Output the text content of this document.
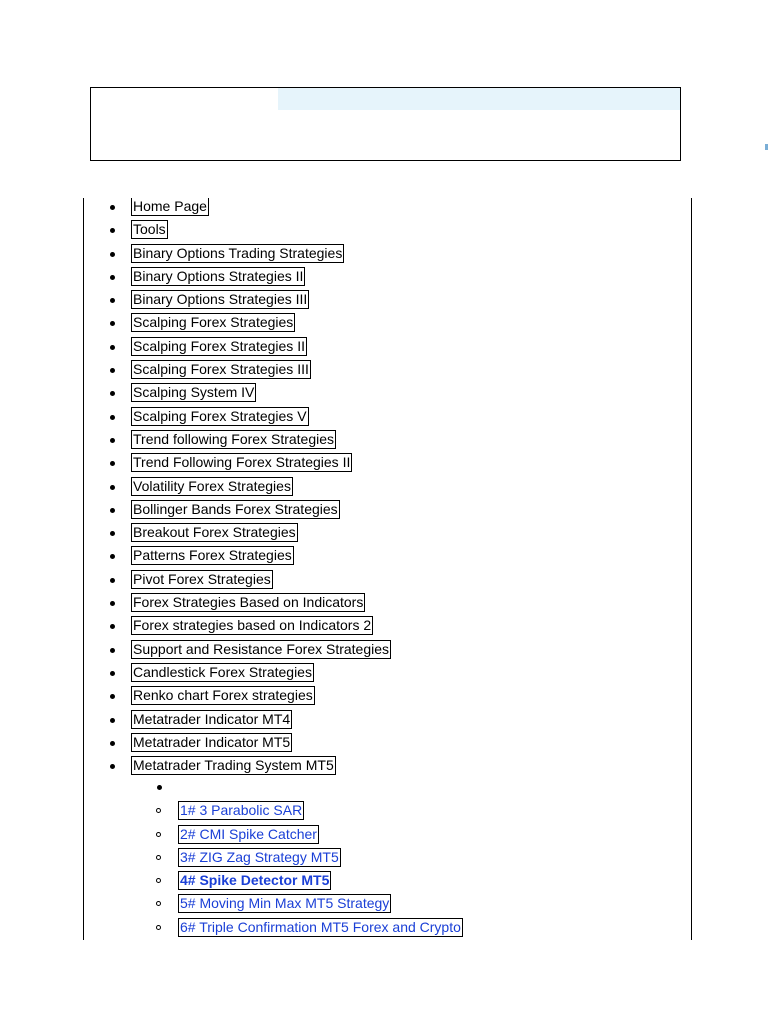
Home Page
Tools
Binary Options Trading Strategies
Binary Options Strategies II
Binary Options Strategies III
Scalping Forex Strategies
Scalping Forex Strategies II
Scalping Forex Strategies III
Scalping System IV
Scalping Forex Strategies V
Trend following Forex Strategies
Trend Following Forex Strategies II
Volatility Forex Strategies
Bollinger Bands Forex Strategies
Breakout Forex Strategies
Patterns Forex Strategies
Pivot Forex Strategies
Forex Strategies Based on Indicators
Forex strategies based on Indicators 2
Support and Resistance Forex Strategies
Candlestick Forex Strategies
Renko chart Forex strategies
Metatrader Indicator MT4
Metatrader Indicator MT5
Metatrader Trading System MT5
1# 3 Parabolic SAR
2# CMI Spike Catcher
3# ZIG Zag Strategy MT5
4# Spike Detector MT5
5# Moving Min Max MT5 Strategy
6# Triple Confirmation MT5 Forex and Crypto
